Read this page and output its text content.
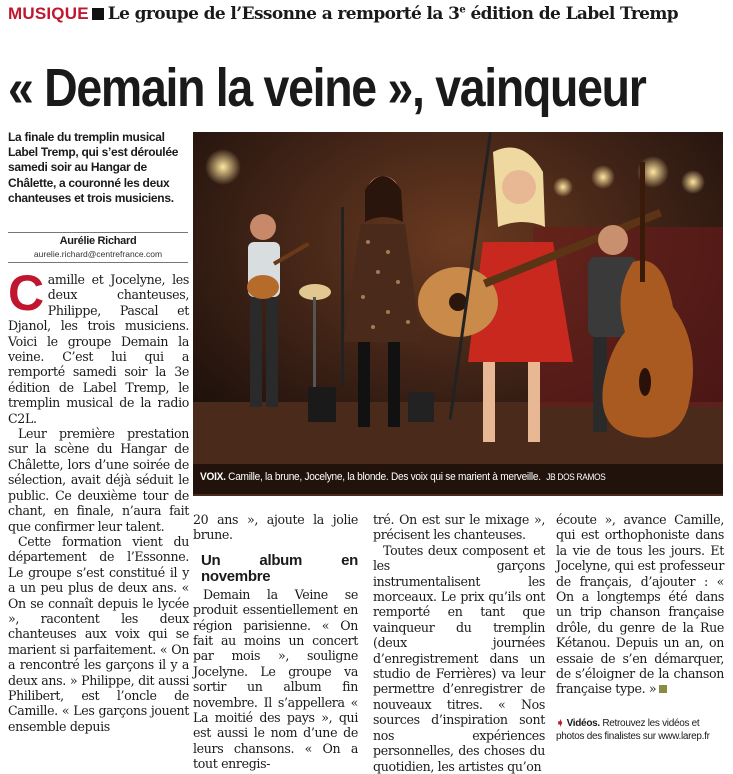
MUSIQUE Le groupe de l’Essonne a remporté la 3e édition de Label Tremp
« Demain la veine », vainqueur
La finale du tremplin musical Label Tremp, qui s’est déroulée samedi soir au Hangar de Châlette, a couronné les deux chanteuses et trois musiciens.
Aurélie Richard
aurelie.richard@centrefrance.com
VOIX. Camille, la brune, Jocelyne, la blonde. Des voix qui se marient à merveille. JB DOS RAMOS

Camille et Jocelyne, les deux chanteuses, Philippe, Pascal et Djanol, les trois musiciens. Voici le groupe Demain la veine. C’est lui qui a remporté samedi soir la 3e édition de Label Tremp, le tremplin musical de la radio C2L.

Leur première prestation sur la scène du Hangar de Châlette, lors d’une soirée de sélection, avait déjà séduit le public. Ce deuxième tour de chant, en finale, n’aura fait que confirmer leur talent.

Cette formation vient du département de l’Essonne. Le groupe s’est constitué il y a un peu plus de deux ans. « On se connaît depuis le lycée », racontent les deux chanteuses aux voix qui se marient si parfaitement. « On a rencontré les garçons il y a deux ans. » Philippe, dit aussi Philibert, est l’oncle de Camille. « Les garçons jouent ensemble depuis

20 ans », ajoute la jolie brune.

Un album en novembre

Demain la Veine se produit essentiellement en région parisienne. « On fait au moins un concert par mois », souligne Jocelyne. Le groupe va sortir un album fin novembre. Il s’appellera « La moitié des pays », qui est aussi le nom d’une de leurs chansons. « On a tout enregis-

tré. On est sur le mixage », précisent les chanteuses.

Toutes deux composent et les garçons instrumentalisent les morceaux. Le prix qu’ils ont remporté en tant que vainqueur du tremplin (deux journées d’enregistrement dans un studio de Ferrières) va leur permettre d’enregistrer de nouveaux titres. « Nos sources d’inspiration sont nos expériences personnelles, des choses du quotidien, les artistes qu’on

écoute », avance Camille, qui est orthophoniste dans la vie de tous les jours. Et Jocelyne, qui est professeur de français, d’ajouter : « On a longtemps été dans un trip chanson française drôle, du genre de la Rue Kétanou. Depuis un an, on essaie de s’en démarquer, de s’éloigner de la chanson française type. »

➧ Vidéos. Retrouvez les vidéos et photos des finalistes sur www.larep.fr
